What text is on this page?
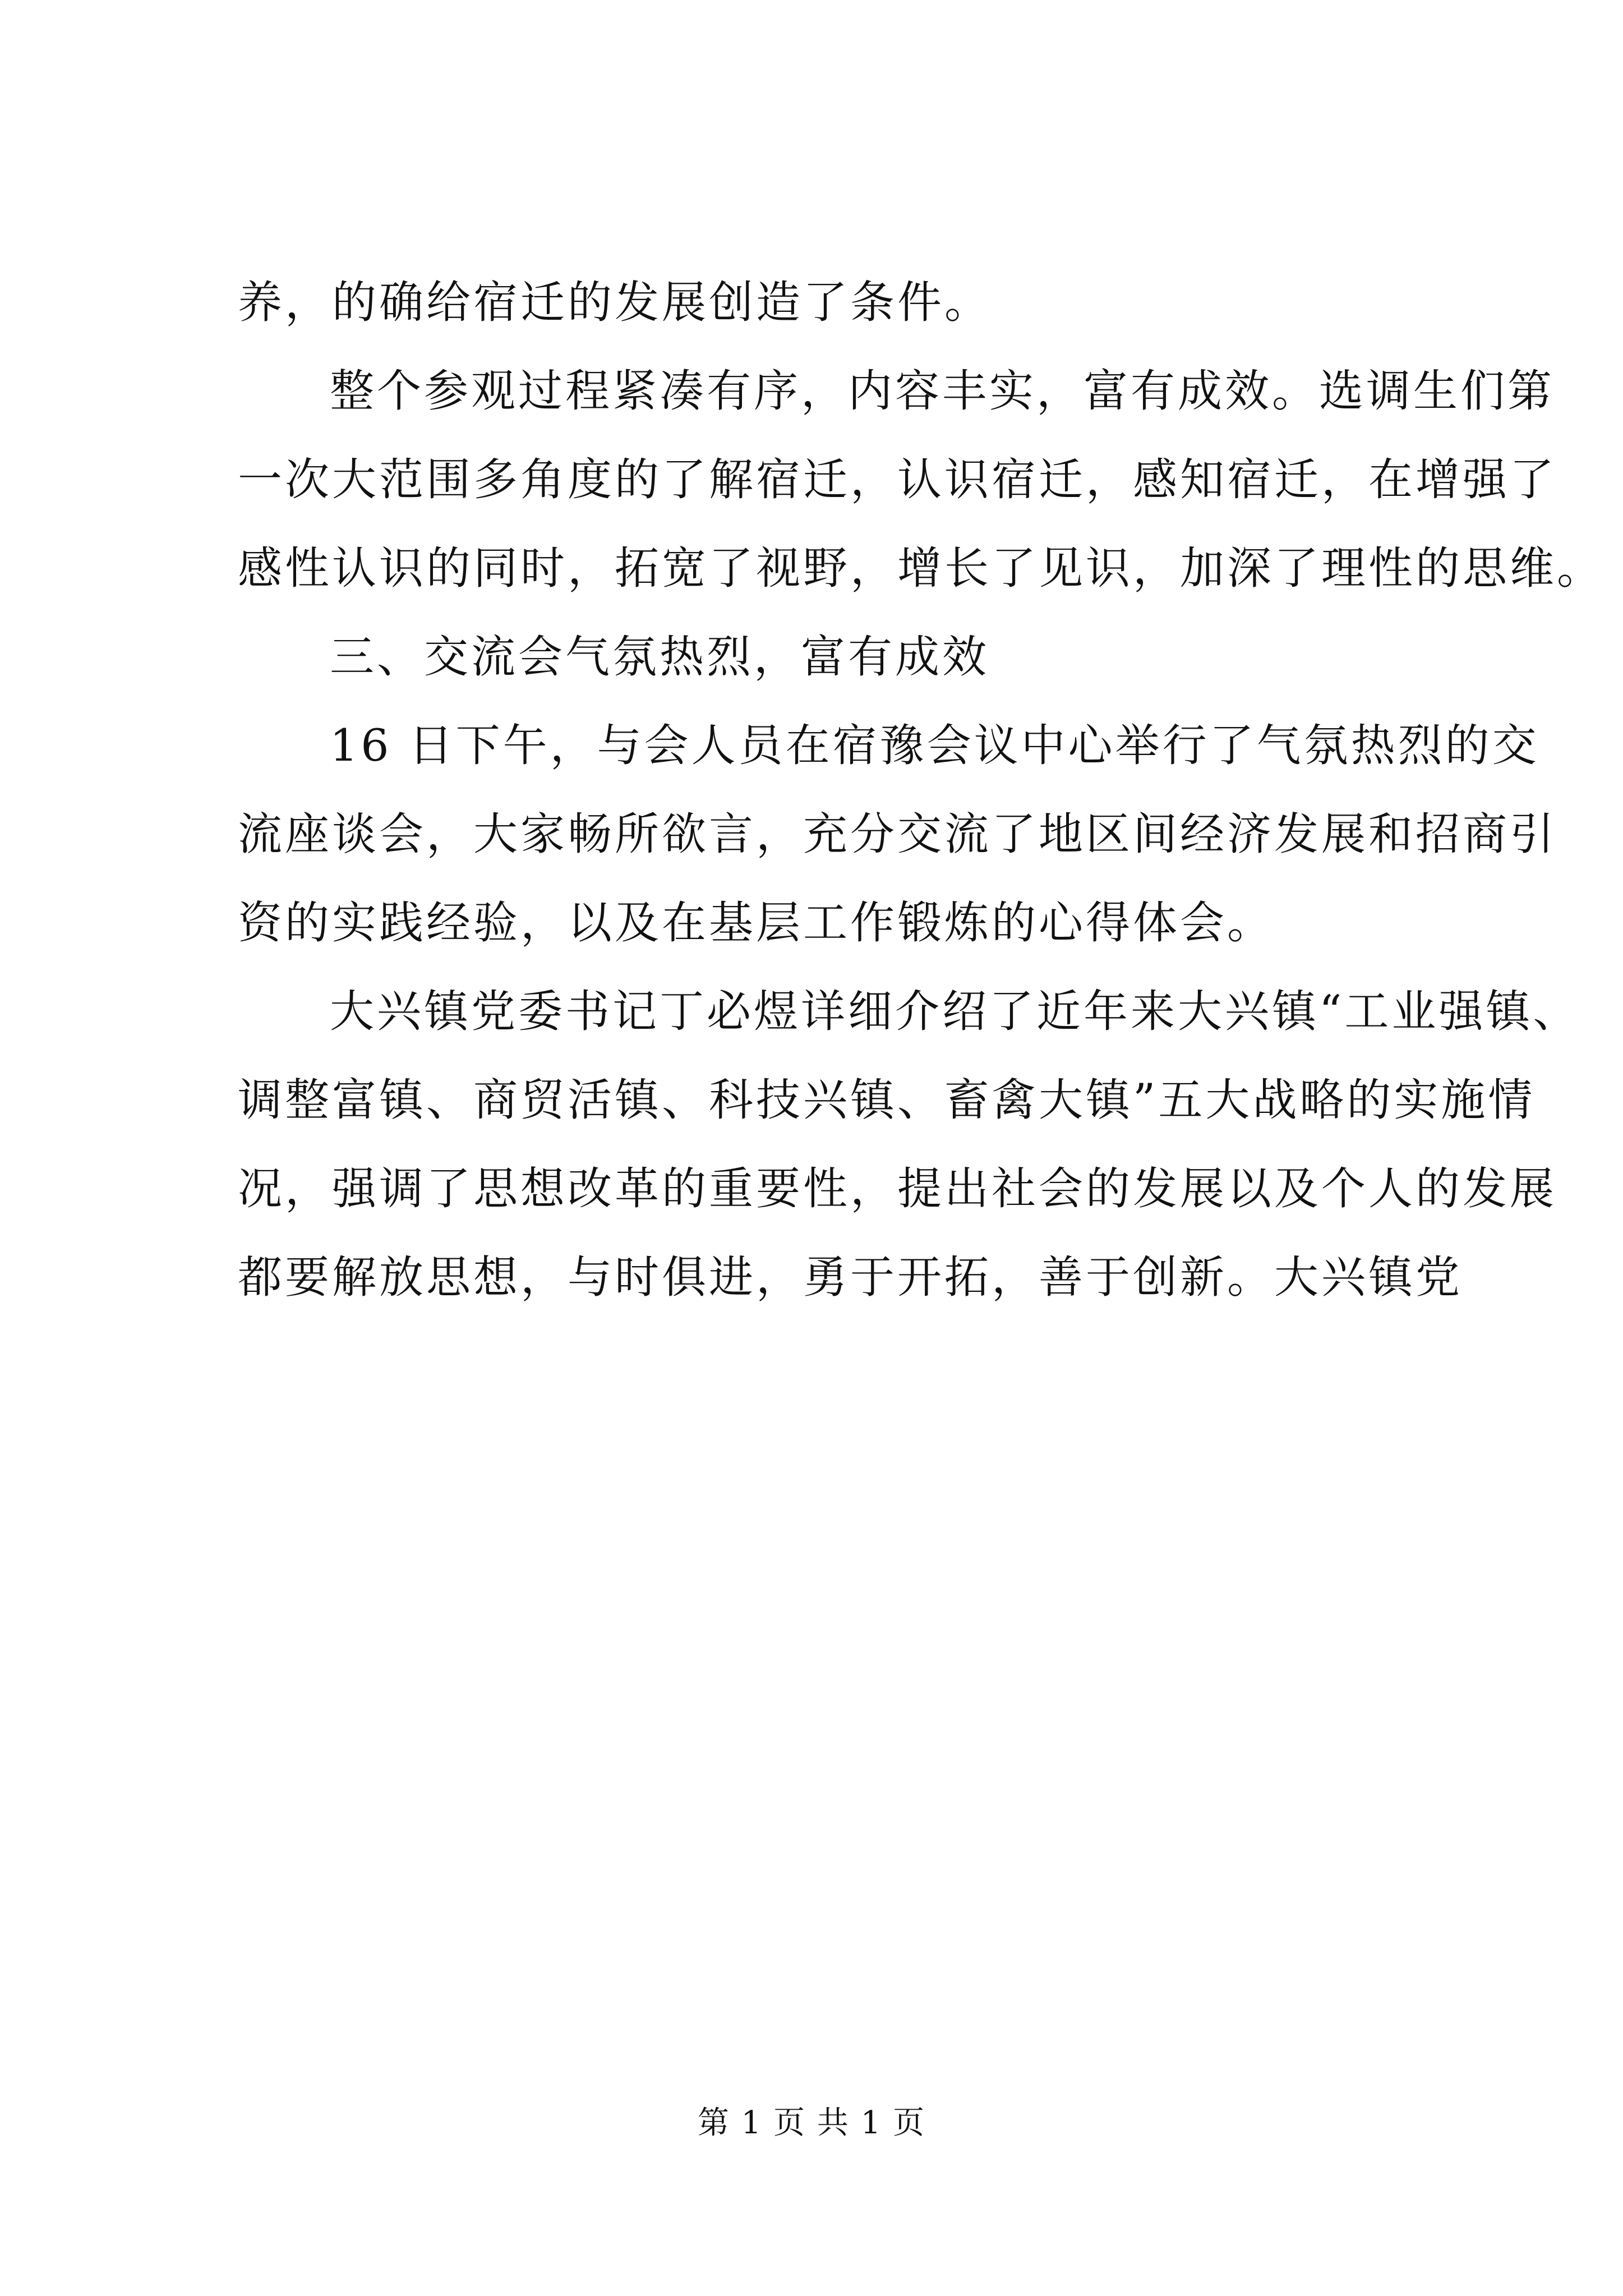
养，的确给宿迁的发展创造了条件。

整个参观过程紧凑有序，内容丰实，富有成效。选调生们第
一次大范围多角度的了解宿迁，认识宿迁，感知宿迁，在增强了
感性认识的同时，拓宽了视野，增长了见识，加深了理性的思维。

三、交流会气氛热烈，富有成效

16 日下午，与会人员在宿豫会议中心举行了气氛热烈的交
流座谈会，大家畅所欲言，充分交流了地区间经济发展和招商引
资的实践经验，以及在基层工作锻炼的心得体会。

大兴镇党委书记丁必煜详细介绍了近年来大兴镇“工业强镇、
调整富镇、商贸活镇、科技兴镇、畜禽大镇”五大战略的实施情
况，强调了思想改革的重要性，提出社会的发展以及个人的发展
都要解放思想，与时俱进，勇于开拓，善于创新。大兴镇党

第 1 页 共 1 页
